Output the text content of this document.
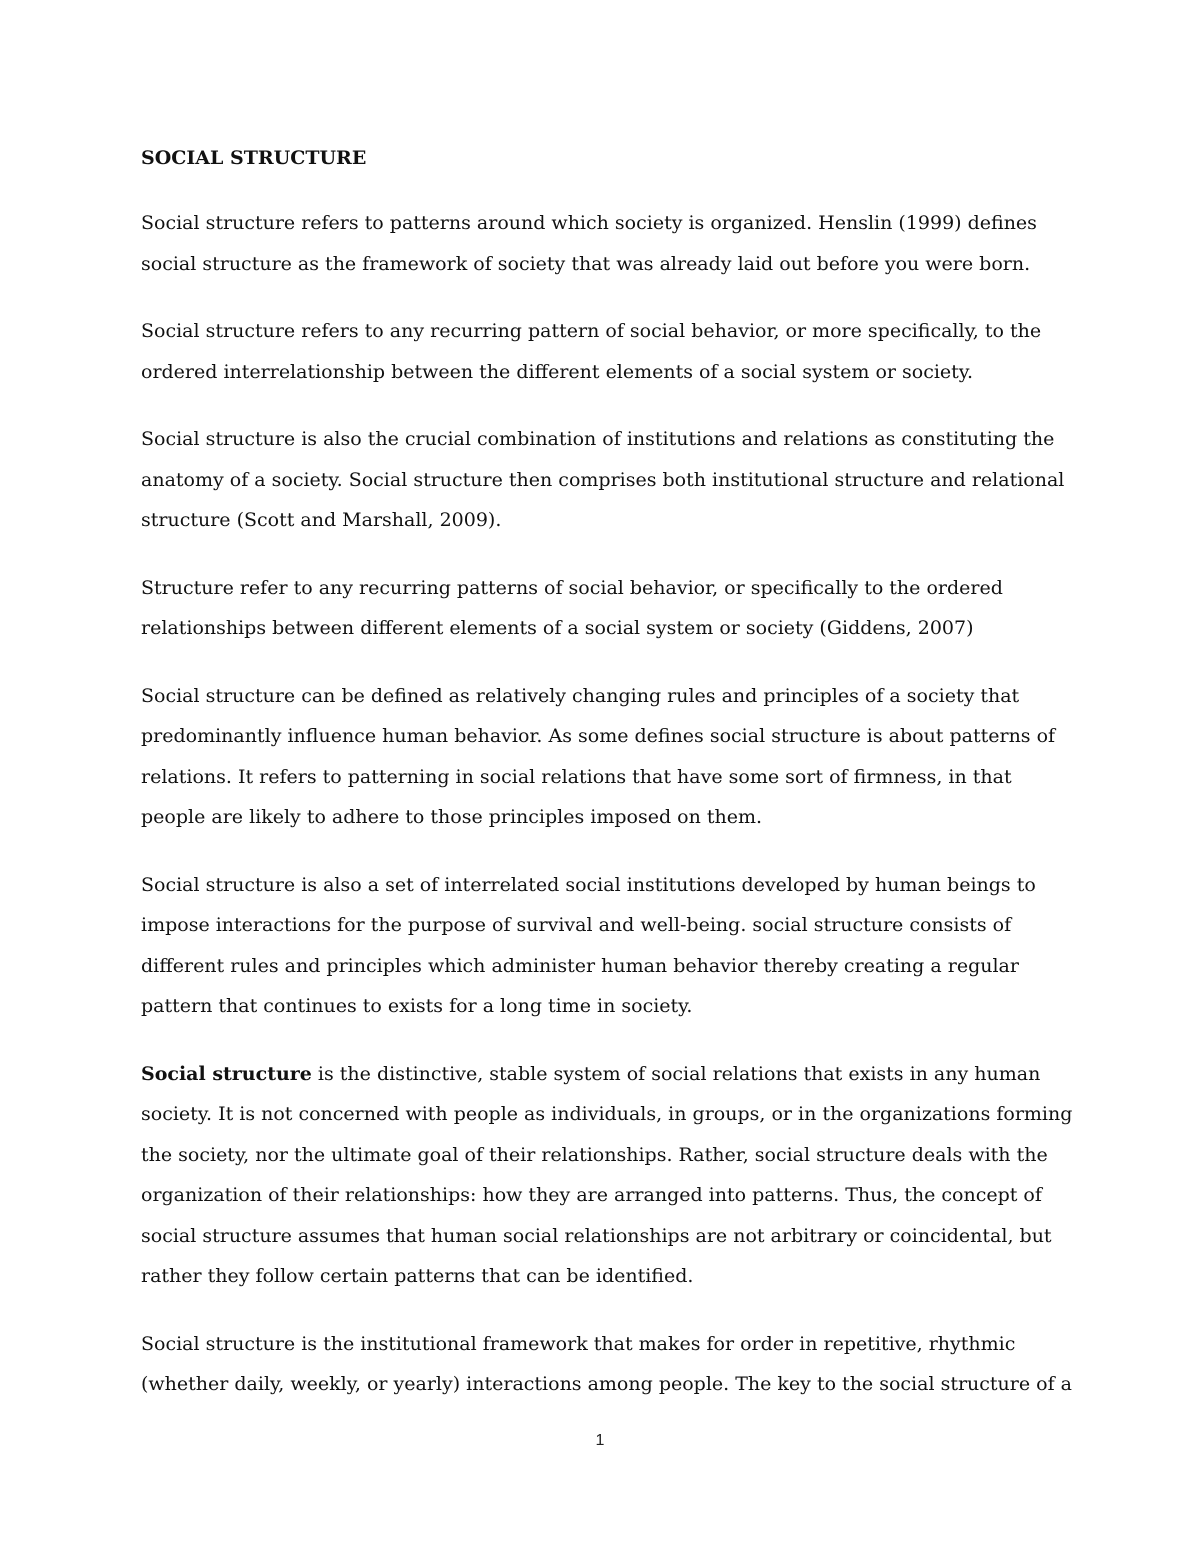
SOCIAL STRUCTURE

Social structure refers to patterns around which society is organized. Henslin (1999) defines social structure as the framework of society that was already laid out before you were born.

Social structure refers to any recurring pattern of social behavior, or more specifically, to the ordered interrelationship between the different elements of a social system or society.

Social structure is also the crucial combination of institutions and relations as constituting the anatomy of a society. Social structure then comprises both institutional structure and relational structure (Scott and Marshall, 2009).

Structure refer to any recurring patterns of social behavior, or specifically to the ordered relationships between different elements of a social system or society (Giddens, 2007)

Social structure can be defined as relatively changing rules and principles of a society that predominantly influence human behavior. As some defines social structure is about patterns of relations. It refers to patterning in social relations that have some sort of firmness, in that people are likely to adhere to those principles imposed on them.

Social structure is also a set of interrelated social institutions developed by human beings to impose interactions for the purpose of survival and well-being. social structure consists of different rules and principles which administer human behavior thereby creating a regular pattern that continues to exists for a long time in society.

Social structure is the distinctive, stable system of social relations that exists in any human society. It is not concerned with people as individuals, in groups, or in the organizations forming the society, nor the ultimate goal of their relationships. Rather, social structure deals with the organization of their relationships: how they are arranged into patterns. Thus, the concept of social structure assumes that human social relationships are not arbitrary or coincidental, but rather they follow certain patterns that can be identified.

Social structure is the institutional framework that makes for order in repetitive, rhythmic (whether daily, weekly, or yearly) interactions among people. The key to the social structure of a

1
